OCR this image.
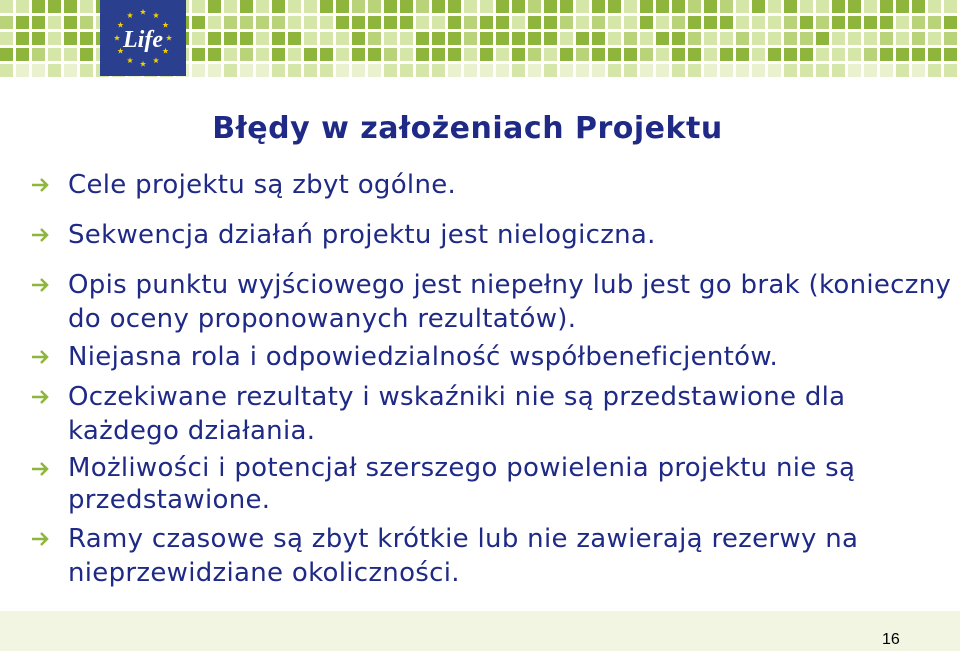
Life
Błędy w założeniach Projektu
Cele projektu są zbyt ogólne.
Sekwencja działań projektu jest nielogiczna.
Opis punktu wyjściowego jest niepełny lub jest go brak (konieczny do oceny proponowanych rezultatów).
Niejasna rola i odpowiedzialność współbeneficjentów.
Oczekiwane rezultaty i wskaźniki nie są przedstawione dla każdego działania.
Możliwości i potencjał szerszego powielenia projektu nie są przedstawione.
Ramy czasowe są zbyt krótkie lub nie zawierają rezerwy na nieprzewidziane okoliczności.
16
